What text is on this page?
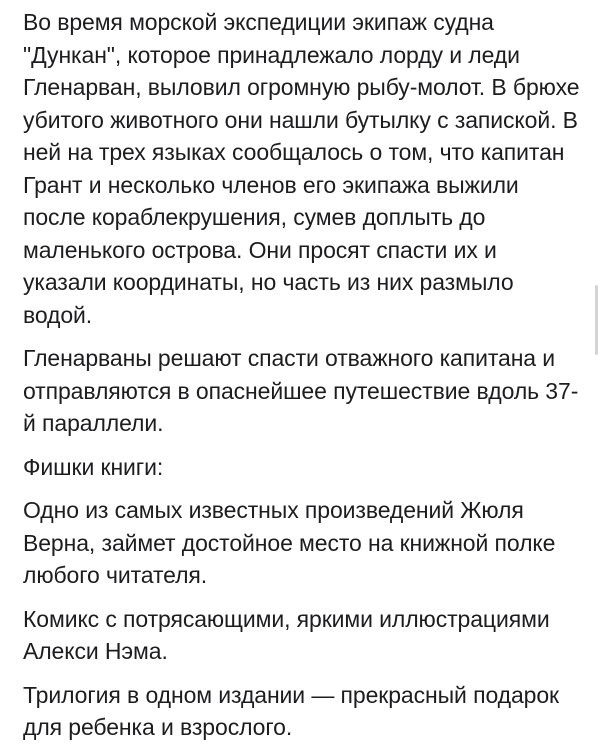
Во время морской экспедиции экипаж судна "Дункан", которое принадлежало лорду и леди Гленарван, выловил огромную рыбу-молот. В брюхе убитого животного они нашли бутылку с запиской. В ней на трех языках сообщалось о том, что капитан Грант и несколько членов его экипажа выжили после кораблекрушения, сумев доплыть до маленького острова. Они просят спасти их и указали координаты, но часть из них размыло водой.

Гленарваны решают спасти отважного капитана и отправляются в опаснейшее путешествие вдоль 37-й параллели.

Фишки книги:

Одно из самых известных произведений Жюля Верна, займет достойное место на книжной полке любого читателя.

Комикс с потрясающими, яркими иллюстрациями Алекси Нэма.

Трилогия в одном издании — прекрасный подарок для ребенка и взрослого.
